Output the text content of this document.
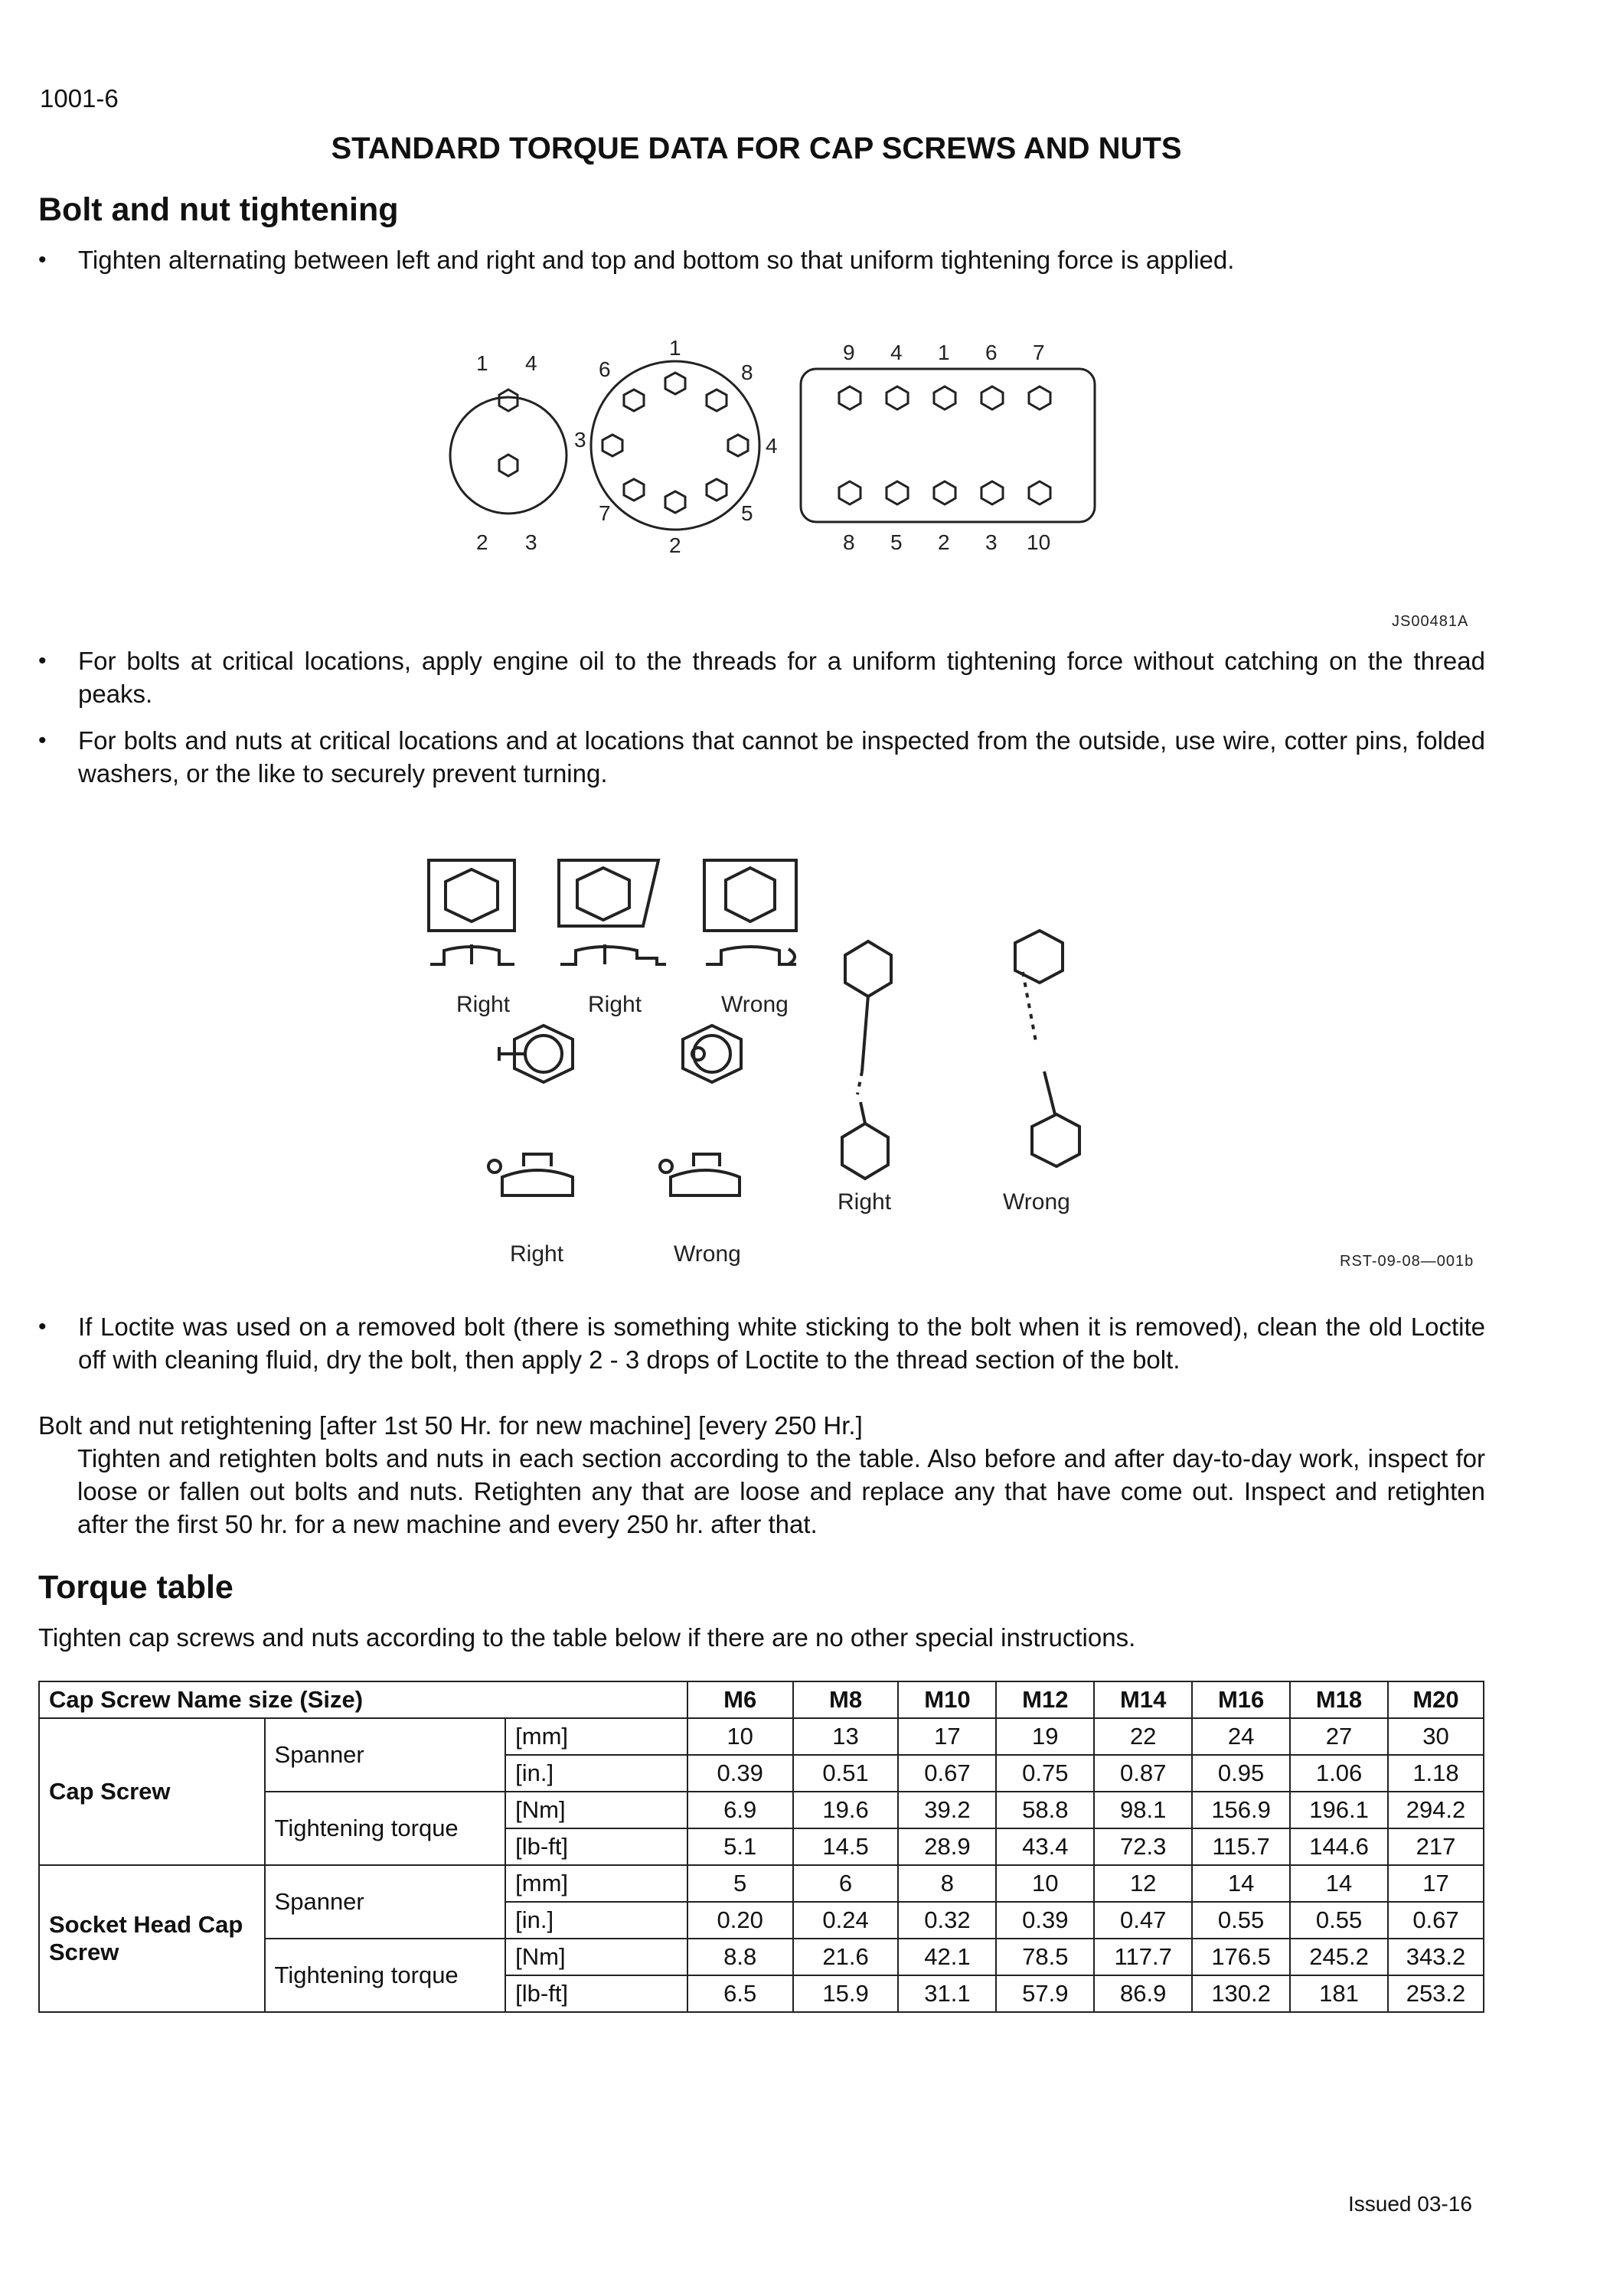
1001-6
STANDARD TORQUE DATA FOR CAP SCREWS AND NUTS
Bolt and nut tightening
• Tighten alternating between left and right and top and bottom so that uniform tightening force is applied.
1 4
2 3
1
8
4
5
2
7
3
6
9 4 1 6 7
8 5 2 3 10
JS00481A
• For bolts at critical locations, apply engine oil to the threads for a uniform tightening force without catching on the thread peaks.
• For bolts and nuts at critical locations and at locations that cannot be inspected from the outside, use wire, cotter pins, folded washers, or the like to securely prevent turning.
Right	Right	Wrong
Right	Wrong
Right	Wrong
RST-09-08—001b
• If Loctite was used on a removed bolt (there is something white sticking to the bolt when it is removed), clean the old Loctite off with cleaning fluid, dry the bolt, then apply 2 - 3 drops of Loctite to the thread section of the bolt.
Bolt and nut retightening [after 1st 50 Hr. for new machine] [every 250 Hr.]
Tighten and retighten bolts and nuts in each section according to the table. Also before and after day-to-day work, inspect for loose or fallen out bolts and nuts. Retighten any that are loose and replace any that have come out. Inspect and retighten after the first 50 hr. for a new machine and every 250 hr. after that.
Torque table
Tighten cap screws and nuts according to the table below if there are no other special instructions.
Cap Screw Name size (Size)			M6	M8	M10	M12	M14	M16	M18	M20
Cap Screw	Spanner	[mm]	10	13	17	19	22	24	27	30
		[in.]	0.39	0.51	0.67	0.75	0.87	0.95	1.06	1.18
	Tightening torque	[Nm]	6.9	19.6	39.2	58.8	98.1	156.9	196.1	294.2
		[lb-ft]	5.1	14.5	28.9	43.4	72.3	115.7	144.6	217
Socket Head Cap Screw	Spanner	[mm]	5	6	8	10	12	14	14	17
		[in.]	0.20	0.24	0.32	0.39	0.47	0.55	0.55	0.67
	Tightening torque	[Nm]	8.8	21.6	42.1	78.5	117.7	176.5	245.2	343.2
		[lb-ft]	6.5	15.9	31.1	57.9	86.9	130.2	181	253.2
Issued 03-16
